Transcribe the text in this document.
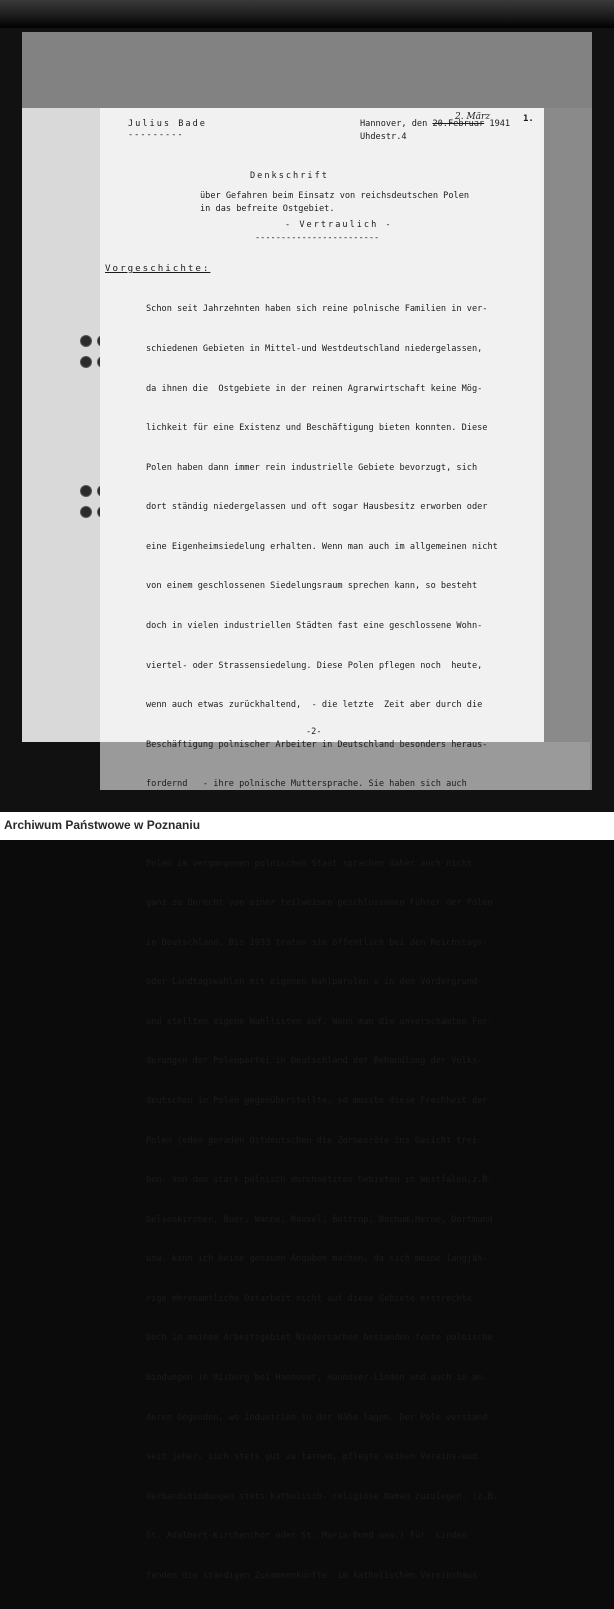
Julius Bade
---------
Hannover, den 20.Februar 1941
Uhdestr.4
2. März	1.
Denkschrift
über Gefahren beim Einsatz von reichsdeutschen Polen
in das befreite Ostgebiet.
- Vertraulich -
------------------------
Vorgeschichte:

Schon seit Jahrzehnten haben sich reine polnische Familien in ver-

schiedenen Gebieten in Mittel-und Westdeutschland niedergelassen,

da ihnen die  Ostgebiete in der reinen Agrarwirtschaft keine Mög-

lichkeit für eine Existenz und Beschäftigung bieten konnten. Diese

Polen haben dann immer rein industrielle Gebiete bevorzugt, sich

dort ständig niedergelassen und oft sogar Hausbesitz erworben oder

eine Eigenheimsiedelung erhalten. Wenn man auch im allgemeinen nicht

von einem geschlossenen Siedelungsraum sprechen kann, so besteht

doch in vielen industriellen Städten fast eine geschlossene Wohn-

viertel- oder Strassensiedelung. Diese Polen pflegen noch  heute,

wenn auch etwas zurückhaltend,  - die letzte  Zeit aber durch die

Beschäftigung polnischer Arbeiter in Deutschland besonders heraus-

fordernd   - ihre polnische Muttersprache. Sie haben sich auch

Polen im vergangenen polnischen Staat sprachen daher auch nicht

ganz zu Unrecht von einer teilweisen geschlossenen Führer der Polen

in Deutschland. Bis 1933 traten sie öffentlich bei den Reichstags-

oder Landtagswahlen mit eigenen Wahlparolen x in den Vordergrund

und stellten eigene Wahllisten auf. Wenn man die unverschämten For-

derungen der Polenpartei in Deutschland der Behandlung der Volks-

deutschen in Polen gegenüberstellte, so musste diese Frechheit der

Polen jeden geraden Ostdeutschen die Zornesröte ins Gesicht trei-

ben. Von den stark polnisch durchsetzten Gebieten in Westfalen,z.B.

Gelsenkirchen, Buer, Wanne, Rauxel, Bottrop, Bochum,Herne, Dortmund

usw. kann ich keine genauen Angaben machen, da sich meine langjäh-

rige ehrenamtliche Ostarbeit nicht auf diese Gebiete erstreckte.

Doch in meinem Arbeitsgebiet Niedersachen bestanden feste polnische

Bindungen in Misburg bei Hannover, Hannover-Linden und auch in an-

deren Gegenden, wo Industrien in der Nähe lagen. Der Pole verstand

seit jeher, sich stets gut zu tarnen, pflegte seinen Vereins-und

Verbandsbindungen stets katholisch- religiöse Namen zuzulegen. (z.B.

St. Adalbert-Kirchenchor oder St. Maria-Bund usw.) Für  Linden

fanden die ständigen Zusammenkünfte  im katholischen Vereinshaus

-2-
Archiwum Państwowe w Poznaniu
